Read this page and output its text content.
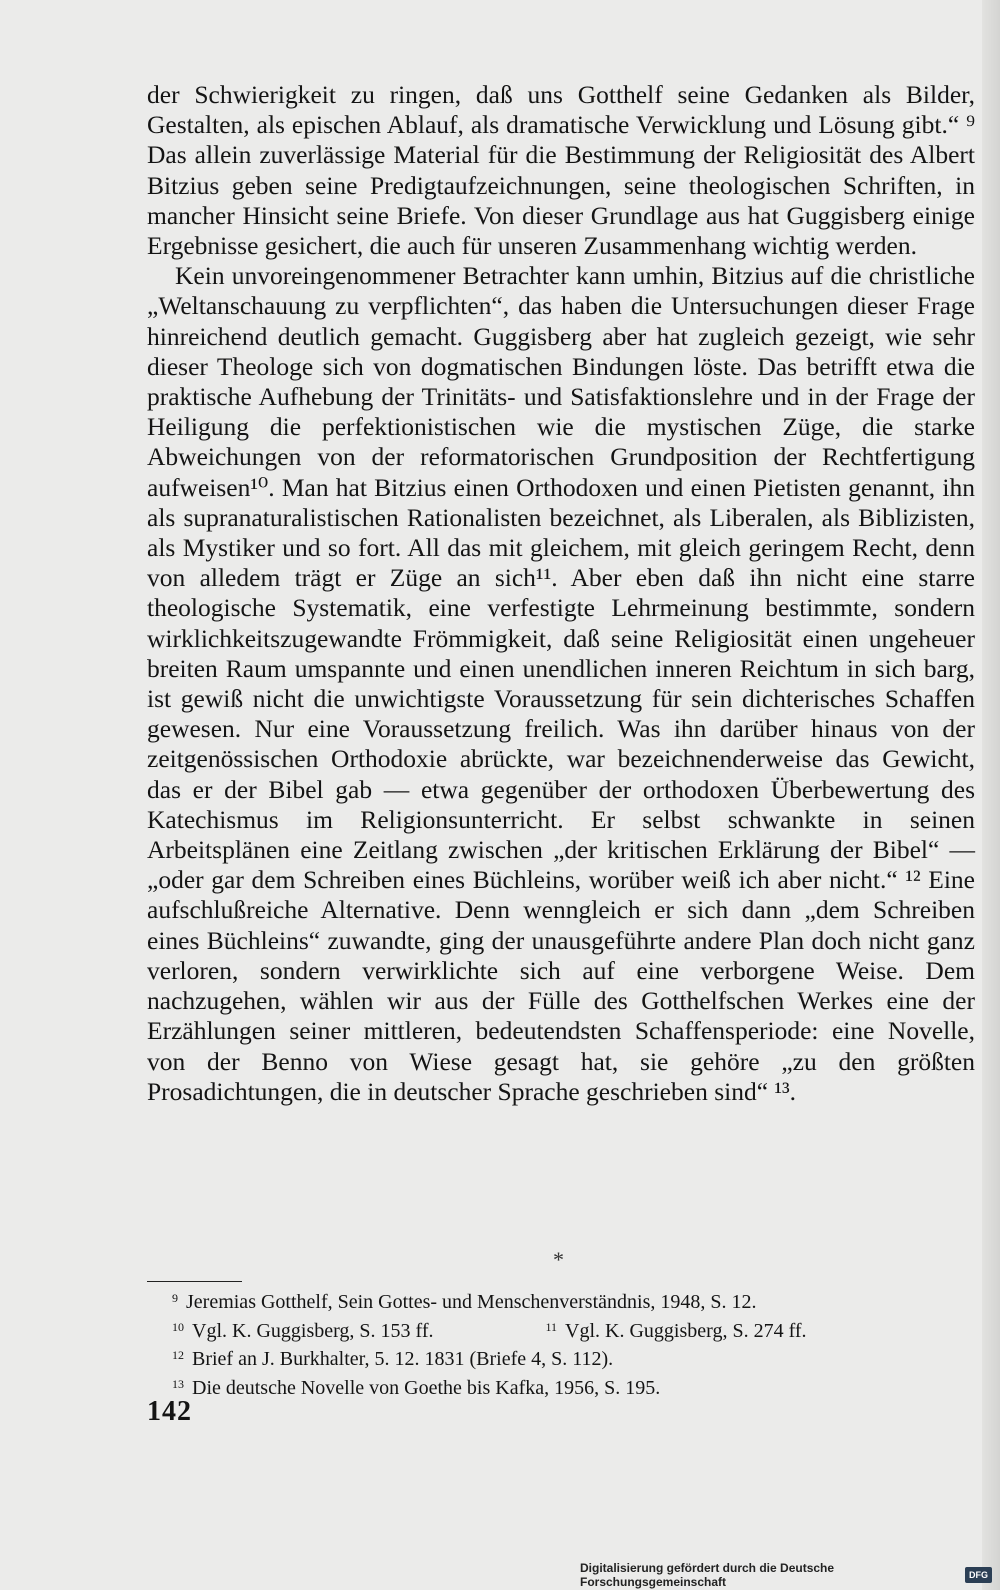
der Schwierigkeit zu ringen, daß uns Gotthelf seine Gedanken als Bilder, Gestalten, als epischen Ablauf, als dramatische Verwicklung und Lösung gibt.“ ⁹ Das allein zuverlässige Material für die Bestimmung der Religiosität des Albert Bitzius geben seine Predigtaufzeichnungen, seine theologischen Schriften, in mancher Hinsicht seine Briefe. Von dieser Grundlage aus hat Guggisberg einige Ergebnisse gesichert, die auch für unseren Zusammenhang wichtig werden.

Kein unvoreingenommener Betrachter kann umhin, Bitzius auf die christliche „Weltanschauung zu verpflichten“, das haben die Untersuchungen dieser Frage hinreichend deutlich gemacht. Guggisberg aber hat zugleich gezeigt, wie sehr dieser Theologe sich von dogmatischen Bindungen löste. Das betrifft etwa die praktische Aufhebung der Trinitäts- und Satisfaktionslehre und in der Frage der Heiligung die perfektionistischen wie die mystischen Züge, die starke Abweichungen von der reformatorischen Grundposition der Rechtfertigung aufweisen¹⁰. Man hat Bitzius einen Orthodoxen und einen Pietisten genannt, ihn als supranaturalistischen Rationalisten bezeichnet, als Liberalen, als Biblizisten, als Mystiker und so fort. All das mit gleichem, mit gleich geringem Recht, denn von alledem trägt er Züge an sich¹¹. Aber eben daß ihn nicht eine starre theologische Systematik, eine verfestigte Lehrmeinung bestimmte, sondern wirklichkeitszugewandte Frömmigkeit, daß seine Religiosität einen ungeheuer breiten Raum umspannte und einen unendlichen inneren Reichtum in sich barg, ist gewiß nicht die unwichtigste Voraussetzung für sein dichterisches Schaffen gewesen. Nur eine Voraussetzung freilich. Was ihn darüber hinaus von der zeitgenössischen Orthodoxie abrückte, war bezeichnenderweise das Gewicht, das er der Bibel gab — etwa gegenüber der orthodoxen Überbewertung des Katechismus im Religionsunterricht. Er selbst schwankte in seinen Arbeitsplänen eine Zeitlang zwischen „der kritischen Erklärung der Bibel“ — „oder gar dem Schreiben eines Büchleins, worüber weiß ich aber nicht.“ ¹² Eine aufschlußreiche Alternative. Denn wenngleich er sich dann „dem Schreiben eines Büchleins“ zuwandte, ging der unausgeführte andere Plan doch nicht ganz verloren, sondern verwirklichte sich auf eine verborgene Weise. Dem nachzugehen, wählen wir aus der Fülle des Gotthelfschen Werkes eine der Erzählungen seiner mittleren, bedeutendsten Schaffensperiode: eine Novelle, von der Benno von Wiese gesagt hat, sie gehöre „zu den größten Prosadichtungen, die in deutscher Sprache geschrieben sind“ ¹³.

*
$^9$ Jeremias Gotthelf, Sein Gottes- und Menschenverständnis, 1948, S. 12.
$^{10}$ Vgl. K. Guggisberg, S. 153 ff.	$^{11}$ Vgl. K. Guggisberg, S. 274 ff.
$^{12}$ Brief an J. Burkhalter, 5. 12. 1831 (Briefe 4, S. 112).
$^{13}$ Die deutsche Novelle von Goethe bis Kafka, 1956, S. 195.
142
Digitalisierung gefördert durch die Deutsche Forschungsgemeinschaft	DFG
